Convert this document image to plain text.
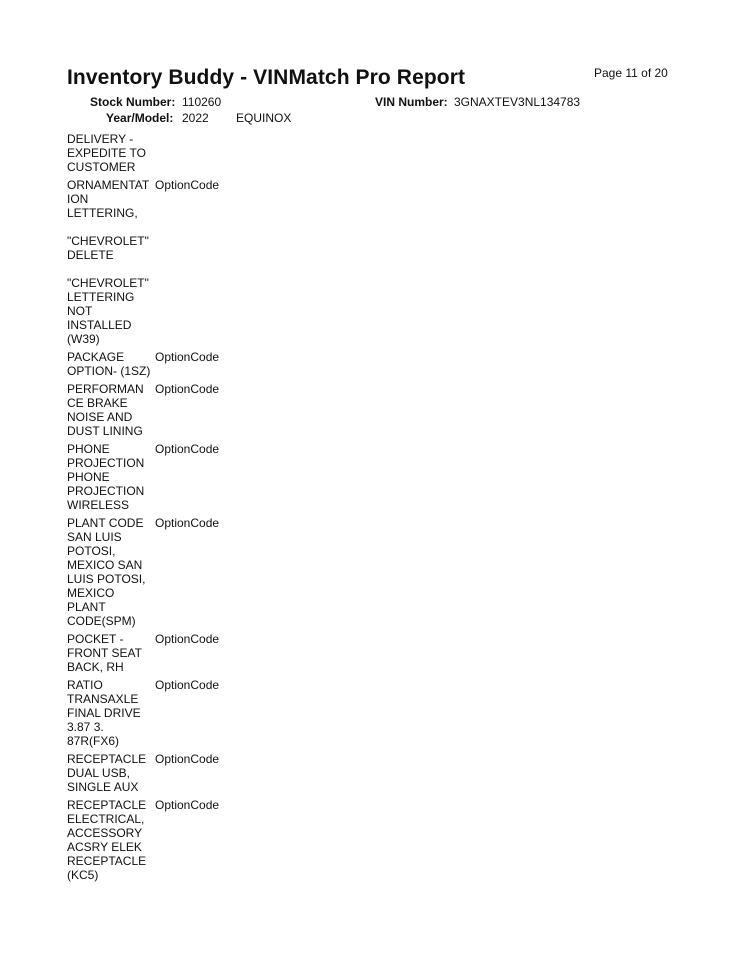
Inventory Buddy - VINMatch Pro Report	Page 11 of 20
Stock Number: 110260
Year/Model: 2022 EQUINOX
VIN Number: 3GNAXTEV3NL134783
DELIVERY -
EXPEDITE TO
CUSTOMER
ORNAMENTAT
ION
LETTERING,
OptionCode
"CHEVROLET"
DELETE
"CHEVROLET"
LETTERING
NOT
INSTALLED
(W39)
PACKAGE
OPTION- (1SZ)
OptionCode
PERFORMAN
CE BRAKE
NOISE AND
DUST LINING
OptionCode
PHONE
PROJECTION
PHONE
PROJECTION
WIRELESS
OptionCode
PLANT CODE
SAN LUIS
POTOSI,
MEXICO SAN
LUIS POTOSI,
MEXICO
PLANT
CODE(SPM)
OptionCode
POCKET -
FRONT SEAT
BACK, RH
OptionCode
RATIO
TRANSAXLE
FINAL DRIVE
3.87 3.
87R(FX6)
OptionCode
RECEPTACLE
DUAL USB,
SINGLE AUX
OptionCode
RECEPTACLE
ELECTRICAL,
ACCESSORY
ACSRY ELEK
RECEPTACLE
(KC5)
OptionCode
